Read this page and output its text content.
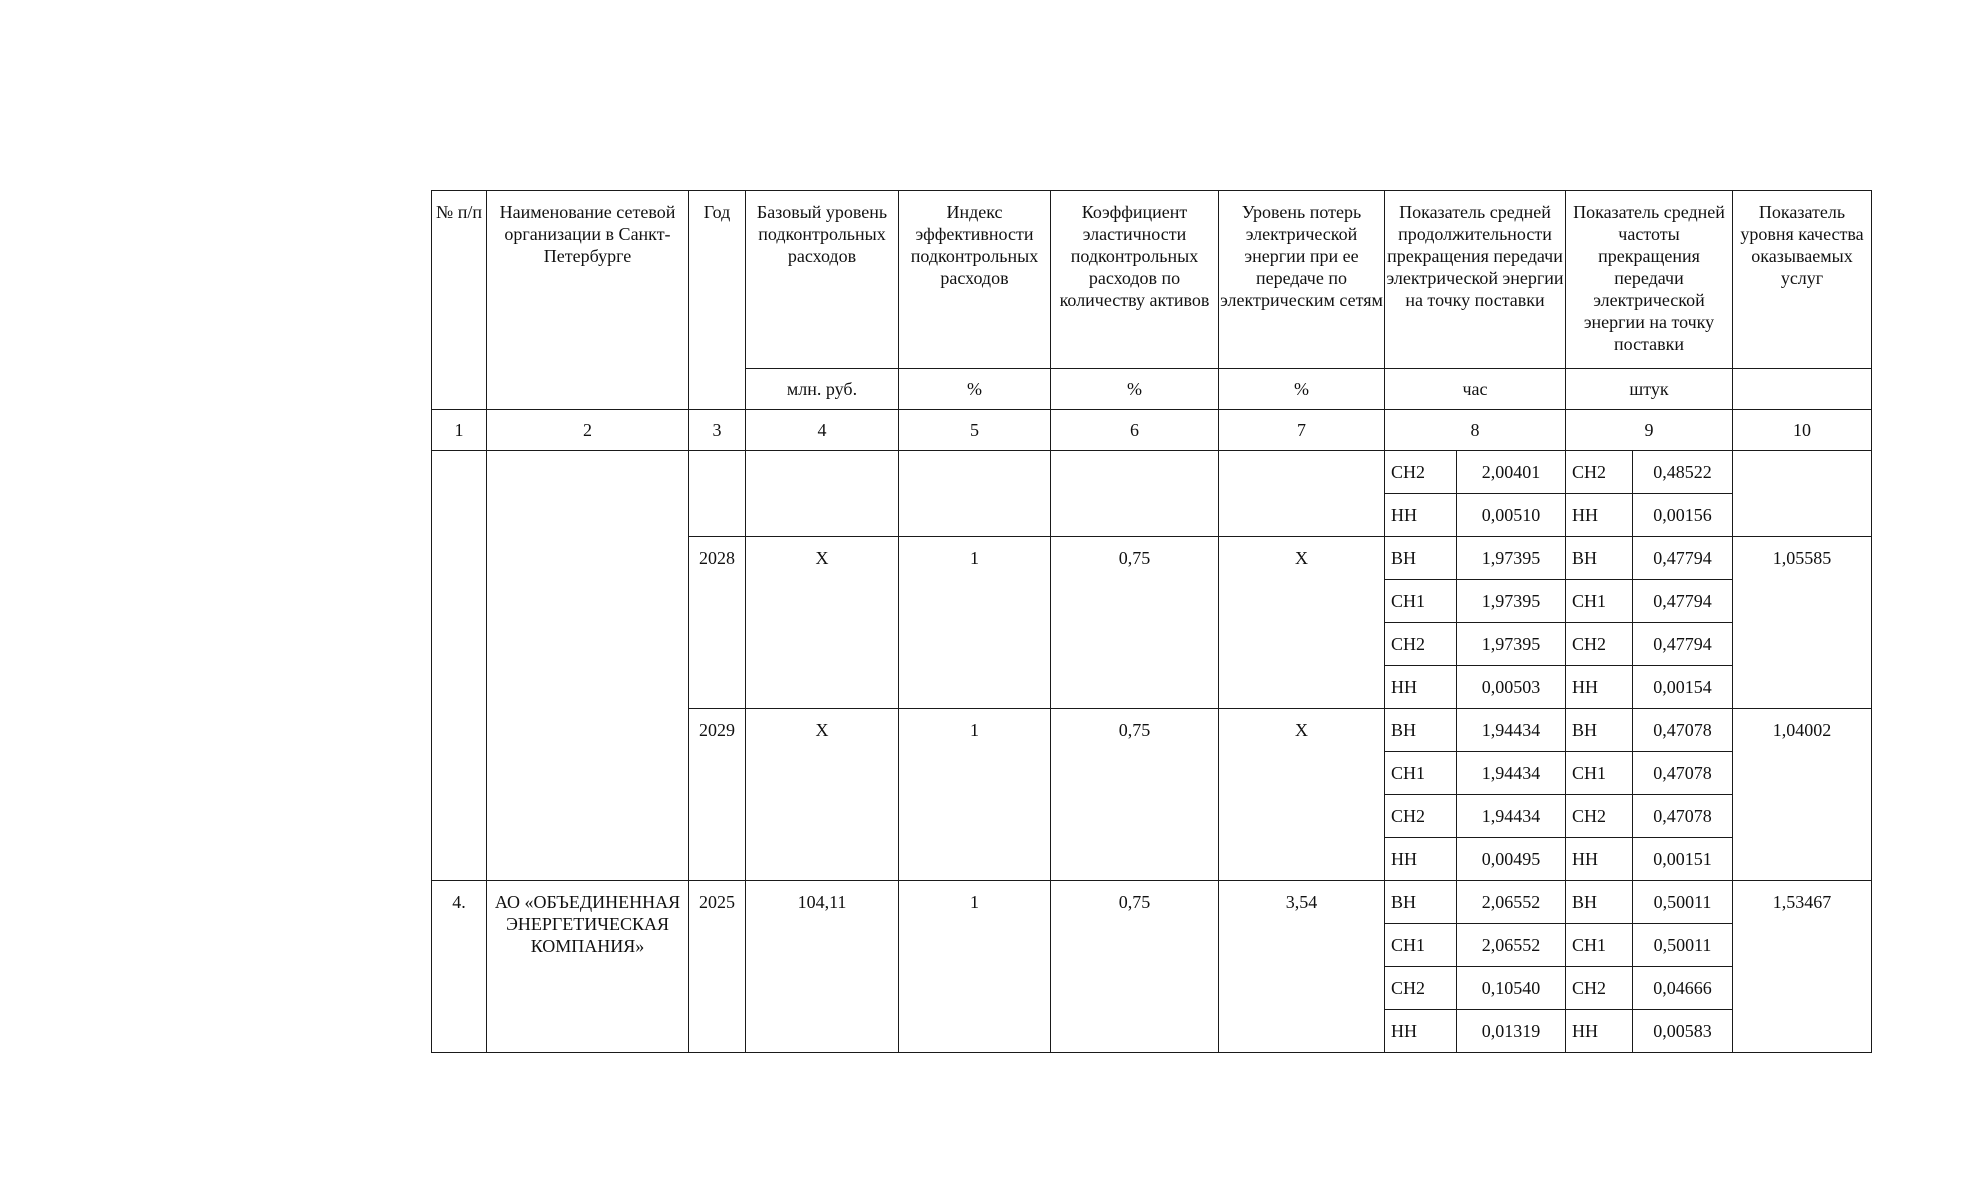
№ п/п	Наименование сетевой организации в Санкт-Петербурге	Год	Базовый уровень подконтрольных расходов	Индекс эффективности подконтрольных расходов	Коэффициент эластичности подконтрольных расходов по количеству активов	Уровень потерь электрической энергии при ее передаче по электрическим сетям	Показатель средней продолжительности прекращения передачи электрической энергии на точку поставки		Показатель средней частоты прекращения передачи электрической энергии на точку поставки		Показатель уровня качества оказываемых услуг
			млн. руб.	%	%	%	час		штук		
1	2	3	4	5	6	7	8		9		10
							СН2	2,00401	СН2	0,48522	
							НН	0,00510	НН	0,00156	
		2028	X	1	0,75	X	ВН	1,97395	ВН	0,47794	1,05585
							СН1	1,97395	СН1	0,47794	
							СН2	1,97395	СН2	0,47794	
							НН	0,00503	НН	0,00154	
		2029	X	1	0,75	X	ВН	1,94434	ВН	0,47078	1,04002
							СН1	1,94434	СН1	0,47078	
							СН2	1,94434	СН2	0,47078	
							НН	0,00495	НН	0,00151	
4.	АО «ОБЪЕДИНЕННАЯ ЭНЕРГЕТИЧЕСКАЯ КОМПАНИЯ»	2025	104,11	1	0,75	3,54	ВН	2,06552	ВН	0,50011	1,53467
							СН1	2,06552	СН1	0,50011	
							СН2	0,10540	СН2	0,04666	
							НН	0,01319	НН	0,00583	
